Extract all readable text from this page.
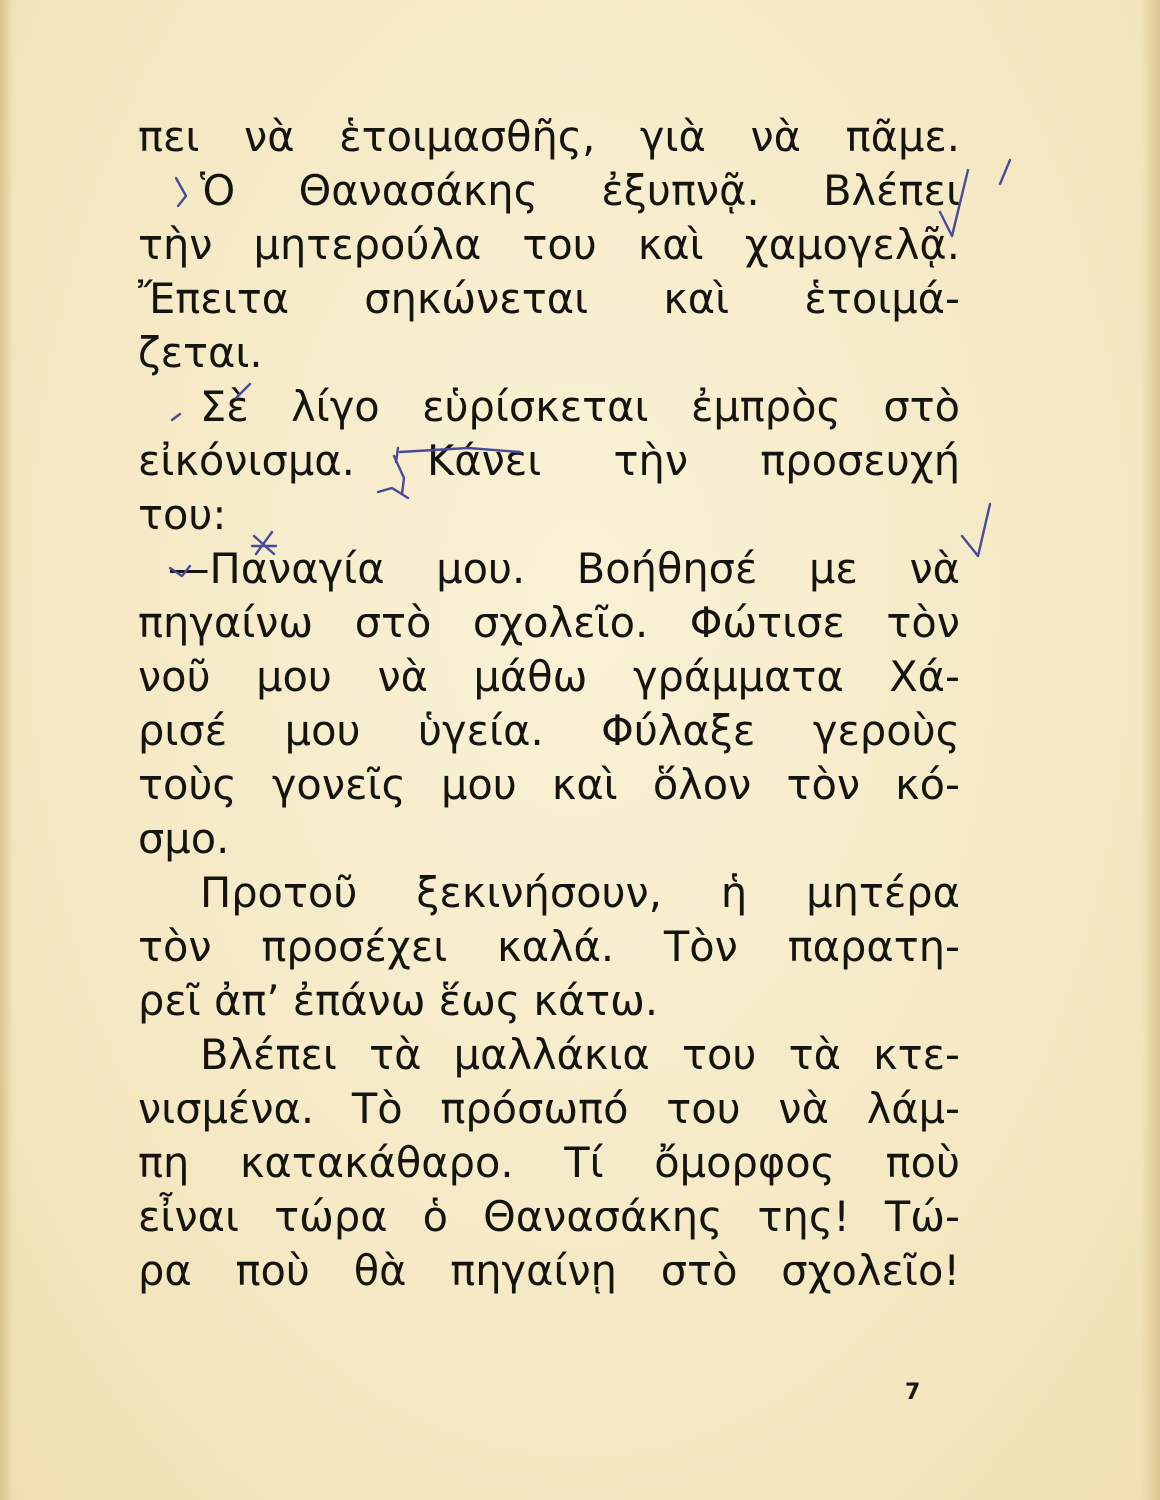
πει νὰ ἑτοιμασθῆς, γιὰ νὰ πᾶμε.
Ὁ Θανασάκης ἐξυπνᾷ. Βλέπει
τὴν μητερούλα του καὶ χαμογελᾷ.
Ἔπειτα σηκώνεται καὶ ἑτοιμά-
ζεται.
Σὲ λίγο εὑρίσκεται ἐμπρὸς στὸ
εἰκόνισμα. Κάνει τὴν προσευχή
του:
—Παναγία μου. Βοήθησέ με νὰ
πηγαίνω στὸ σχολεῖο. Φώτισε τὸν
νοῦ μου νὰ μάθω γράμματα Χά-
ρισέ μου ὑγεία. Φύλαξε γεροὺς
τοὺς γονεῖς μου καὶ ὅλον τὸν κό-
σμο.
Προτοῦ ξεκινήσουν, ἡ μητέρα
τὸν προσέχει καλά. Τὸν παρατη-
ρεῖ ἀπ’ ἐπάνω ἕως κάτω.
Βλέπει τὰ μαλλάκια του τὰ κτε-
νισμένα. Τὸ πρόσωπό του νὰ λάμ-
πη κατακάθαρο. Τί ὄμορφος ποὺ
εἶναι τώρα ὁ Θανασάκης της! Τώ-
ρα ποὺ θὰ πηγαίνῃ στὸ σχολεῖο!
7
